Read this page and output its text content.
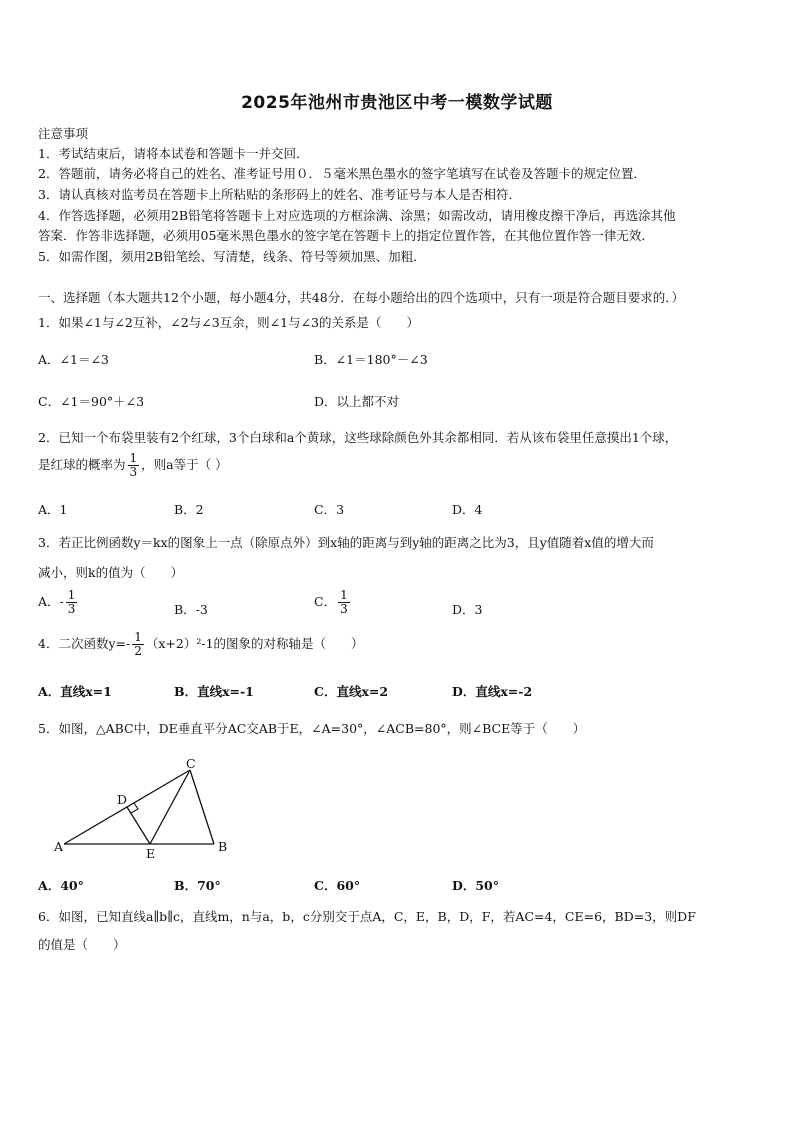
2025年池州市贵池区中考一模数学试题
注意事项
1．考试结束后，请将本试卷和答题卡一并交回．
2．答题前，请务必将自己的姓名、准考证号用０．５毫米黑色墨水的签字笔填写在试卷及答题卡的规定位置．
3．请认真核对监考员在答题卡上所粘贴的条形码上的姓名、准考证号与本人是否相符．
4．作答选择题，必须用2B铅笔将答题卡上对应选项的方框涂满、涂黑；如需改动，请用橡皮擦干净后，再选涂其他
答案．作答非选择题，必须用05毫米黑色墨水的签字笔在答题卡上的指定位置作答，在其他位置作答一律无效．
5．如需作图，须用2B铅笔绘、写清楚，线条、符号等须加黑、加粗．
一、选择题（本大题共12个小题，每小题4分，共48分．在每小题给出的四个选项中，只有一项是符合题目要求的．）
1．如果∠1与∠2互补，∠2与∠3互余，则∠1与∠3的关系是（　　）
A．∠1＝∠3	B．∠1＝180°－∠3
C．∠1＝90°＋∠3	D．以上都不对
2．已知一个布袋里装有2个红球，3个白球和a个黄球，这些球除颜色外其余都相同．若从该布袋里任意摸出1个球，
是红球的概率为 $\frac{1}{3}$ ，则a等于（ ）
A．1	B．2	C．3	D．4
3．若正比例函数y＝kx的图象上一点（除原点外）到x轴的距离与到y轴的距离之比为3，且y值随着x值的增大而
减小，则k的值为（　　）
A．- $\frac{1}{3}$	B．-3
C． $\frac{1}{3}$	D．3
4．二次函数$y=- \frac{1}{2} (x+2)^2-1$的图象的对称轴是（　　）
A．直线x=1	B．直线x=-1	C．直线x=2	D．直线x=-2
5．如图，△ABC中，DE垂直平分AC交AB于E，∠A=30°，∠ACB=80°，则∠BCE等于（　　）
A	B
C
D
E
A．40°	B．70°	C．60°	D．50°
6．如图，已知直线a∥b∥c，直线m，n与a，b，c分别交于点A，C，E，B，D，F，若AC=4，CE=6，BD=3，则DF
的值是（　　）
